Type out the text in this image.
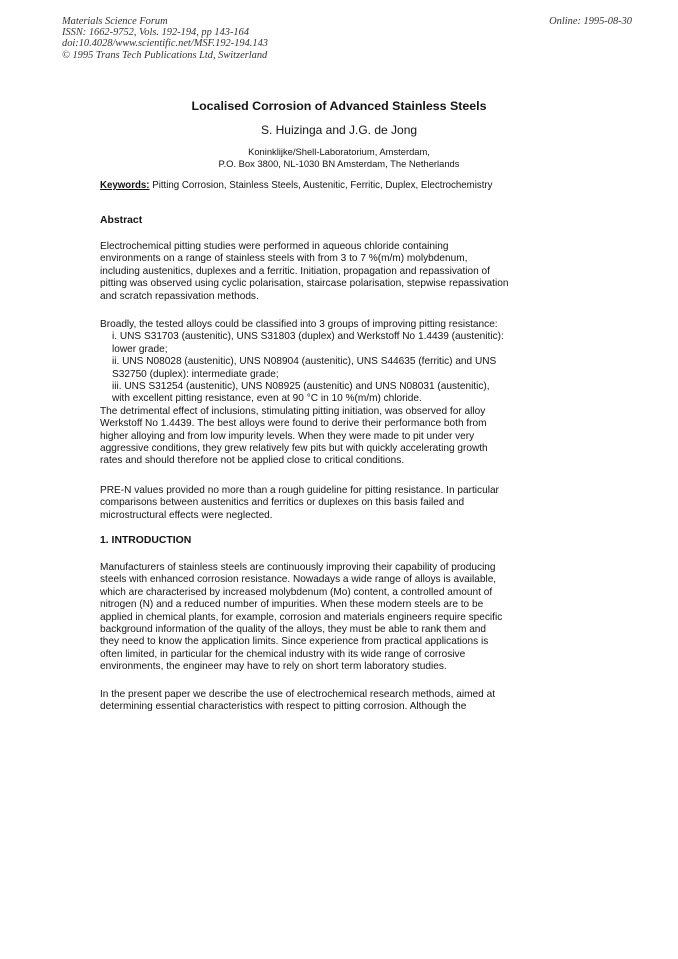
Materials Science Forum
ISSN: 1662-9752, Vols. 192-194, pp 143-164
doi:10.4028/www.scientific.net/MSF.192-194.143
© 1995 Trans Tech Publications Ltd, Switzerland
Online: 1995-08-30
Localised Corrosion of Advanced Stainless Steels
S. Huizinga and J.G. de Jong
Koninklijke/Shell-Laboratorium, Amsterdam,
P.O. Box 3800, NL-1030 BN Amsterdam, The Netherlands
Keywords: Pitting Corrosion, Stainless Steels, Austenitic, Ferritic, Duplex, Electrochemistry
Abstract
Electrochemical pitting studies were performed in aqueous chloride containing
environments on a range of stainless steels with from 3 to 7 %(m/m) molybdenum,
including austenitics, duplexes and a ferritic. Initiation, propagation and repassivation of
pitting was observed using cyclic polarisation, staircase polarisation, stepwise repassivation
and scratch repassivation methods.
Broadly, the tested alloys could be classified into 3 groups of improving pitting resistance:
i. UNS S31703 (austenitic), UNS S31803 (duplex) and Werkstoff No 1.4439 (austenitic):
lower grade;
ii. UNS N08028 (austenitic), UNS N08904 (austenitic), UNS S44635 (ferritic) and UNS
S32750 (duplex): intermediate grade;
iii. UNS S31254 (austenitic), UNS N08925 (austenitic) and UNS N08031 (austenitic),
with excellent pitting resistance, even at 90 °C in 10 %(m/m) chloride.
The detrimental effect of inclusions, stimulating pitting initiation, was observed for alloy
Werkstoff No 1.4439. The best alloys were found to derive their performance both from
higher alloying and from low impurity levels. When they were made to pit under very
aggressive conditions, they grew relatively few pits but with quickly accelerating growth
rates and should therefore not be applied close to critical conditions.
PRE-N values provided no more than a rough guideline for pitting resistance. In particular
comparisons between austenitics and ferritics or duplexes on this basis failed and
microstructural effects were neglected.
1. INTRODUCTION
Manufacturers of stainless steels are continuously improving their capability of producing
steels with enhanced corrosion resistance. Nowadays a wide range of alloys is available,
which are characterised by increased molybdenum (Mo) content, a controlled amount of
nitrogen (N) and a reduced number of impurities. When these modern steels are to be
applied in chemical plants, for example, corrosion and materials engineers require specific
background information of the quality of the alloys, they must be able to rank them and
they need to know the application limits. Since experience from practical applications is
often limited, in particular for the chemical industry with its wide range of corrosive
environments, the engineer may have to rely on short term laboratory studies.
In the present paper we describe the use of electrochemical research methods, aimed at
determining essential characteristics with respect to pitting corrosion. Although the
